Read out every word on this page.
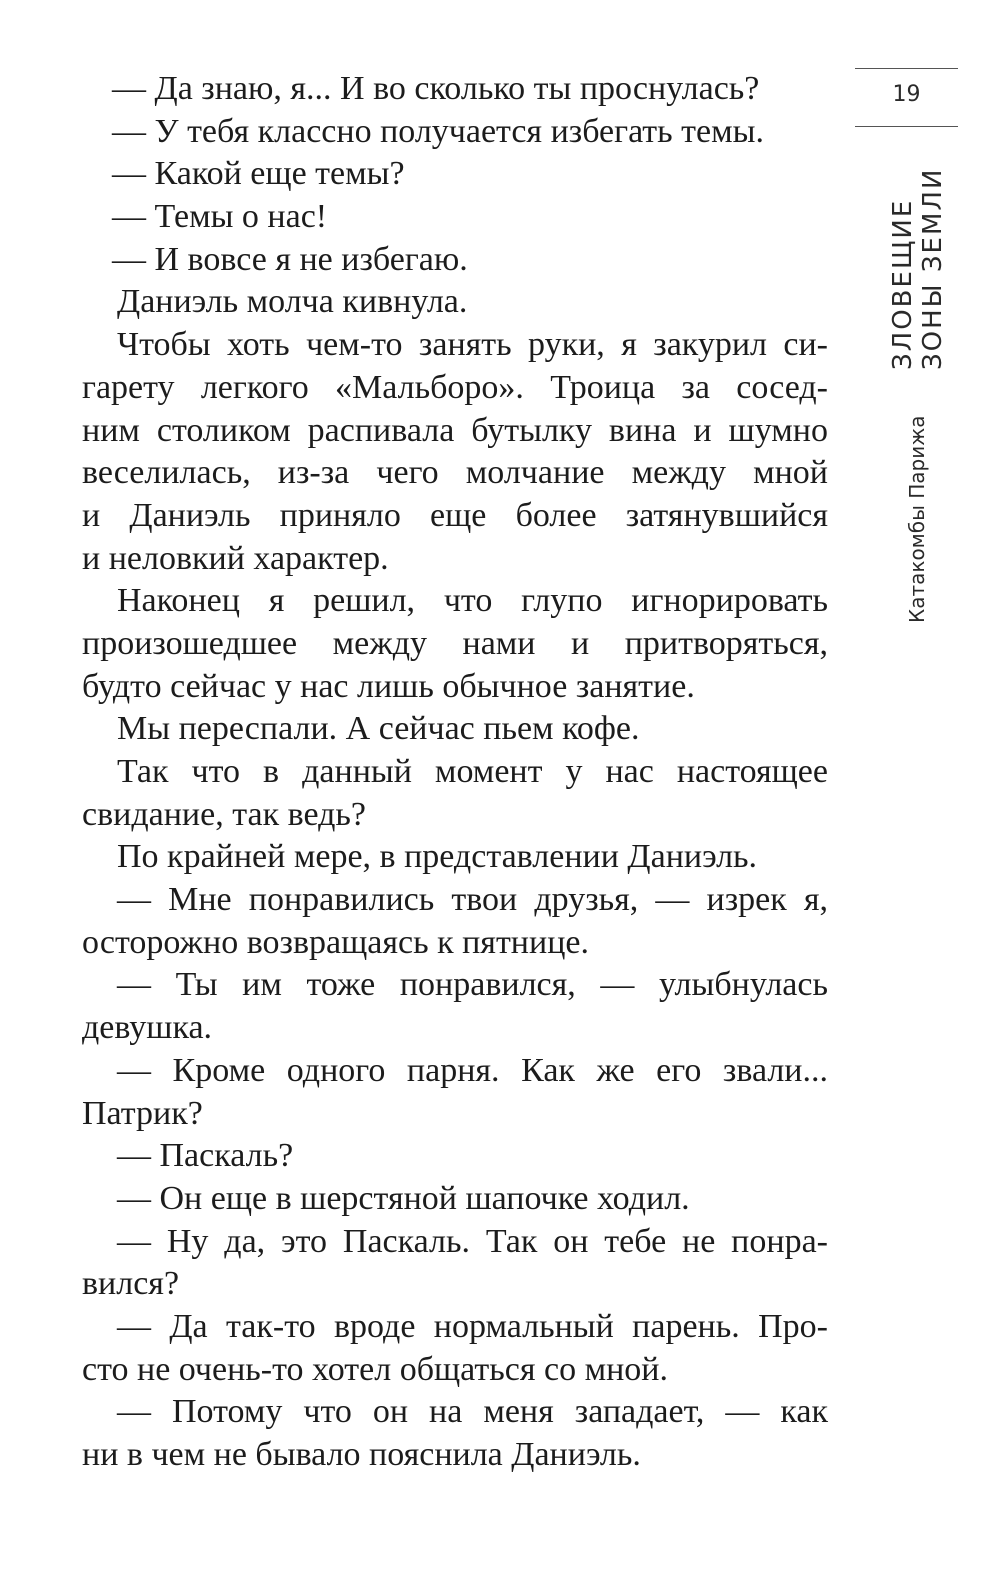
— Да знаю, я... И во сколько ты проснулась?
— У тебя классно получается избегать темы.
— Какой еще темы?
— Темы о нас!
— И вовсе я не избегаю.
Даниэль молча кивнула.
Чтобы хоть чем-то занять руки, я закурил си-
гарету легкого «Мальборо». Троица за сосед-
ним столиком распивала бутылку вина и шумно
веселилась, из-за чего молчание между мной
и Даниэль приняло еще более затянувшийся
и неловкий характер.
Наконец я решил, что глупо игнорировать
произошедшее между нами и притворяться,
будто сейчас у нас лишь обычное занятие.
Мы переспали. А сейчас пьем кофе.
Так что в данный момент у нас настоящее
свидание, так ведь?
По крайней мере, в представлении Даниэль.
— Мне понравились твои друзья, — изрек я,
осторожно возвращаясь к пятнице.
— Ты им тоже понравился, — улыбнулась
девушка.
— Кроме одного парня. Как же его звали...
Патрик?
— Паскаль?
— Он еще в шерстяной шапочке ходил.
— Ну да, это Паскаль. Так он тебе не понра-
вился?
— Да так-то вроде нормальный парень. Про-
сто не очень-то хотел общаться со мной.
— Потому что он на меня западает, — как
ни в чем не бывало пояснила Даниэль.
19
ЗЛОВЕЩИЕ ЗОНЫ ЗЕМЛИ
Катакомбы Парижа
